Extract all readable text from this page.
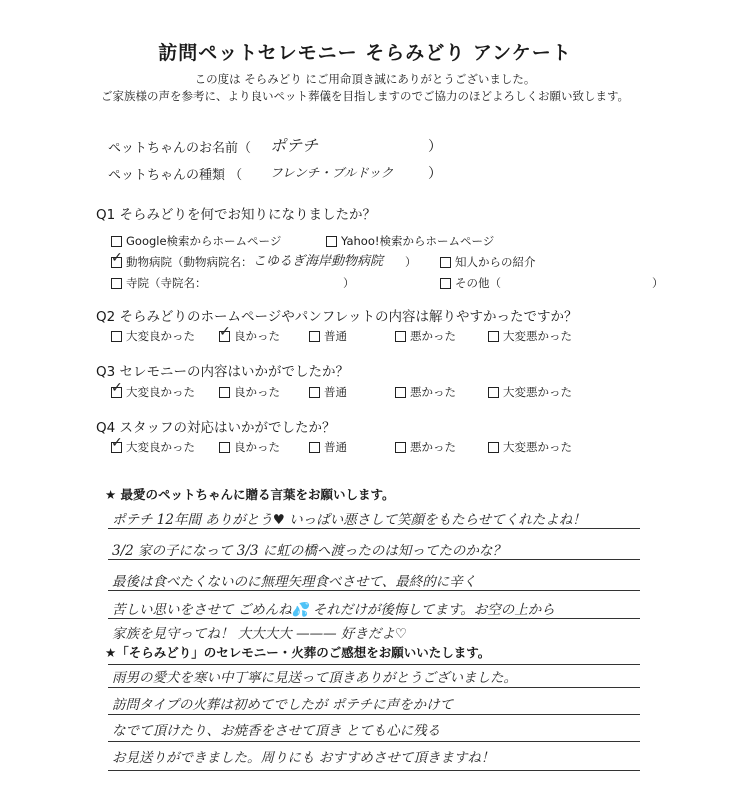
訪問ペットセレモニー そらみどり アンケート
この度は そらみどり にご用命頂き誠にありがとうございました。
ご家族様の声を参考に、より良いペット葬儀を目指しますのでご協力のほどよろしくお願い致します。
ペットちゃんのお名前（ ポテチ	）
ペットちゃんの種類 （ フレンチ・ブルドック ）
Q1 そらみどりを何でお知りになりましたか？
Google検索からホームページ	Yahoo!検索からホームページ
✓
動物病院（動物病院名： こゆるぎ海岸動物病院 ）	知人からの紹介
寺院（寺院名：	）	その他（	）
Q2 そらみどりのホームページやパンフレットの内容は解りやすかったですか？
大変良かった
✓	良かった	普通	悪かった	大変悪かった
Q3 セレモニーの内容はいかがでしたか？
✓
大変良かった	良かった	普通	悪かった	大変悪かった
Q4 スタッフの対応はいかがでしたか？
✓
大変良かった	良かった	普通	悪かった	大変悪かった
★ 最愛のペットちゃんに贈る言葉をお願いします。
ポテチ 12年間 ありがとう♥ いっぱい悪さして笑顔をもたらせてくれたよね！
3/2 家の子になって 3/3 に虹の橋へ渡ったのは知ってたのかな？
最後は食べたくないのに無理矢理食べさせて、最終的に辛く
苦しい思いをさせて ごめんね💦 それだけが後悔してます。お空の上から
家族を見守ってね！ 大大大大 ——— 好きだよ♡
★「そらみどり」のセレモニー・火葬のご感想をお願いいたします。
雨男の愛犬を寒い中丁寧に見送って頂きありがとうございました。
訪問タイプの火葬は初めてでしたが ポテチに声をかけて
なでて頂けたり、お焼香をさせて頂き とても心に残る
お見送りができました。周りにも おすすめさせて頂きますね！
